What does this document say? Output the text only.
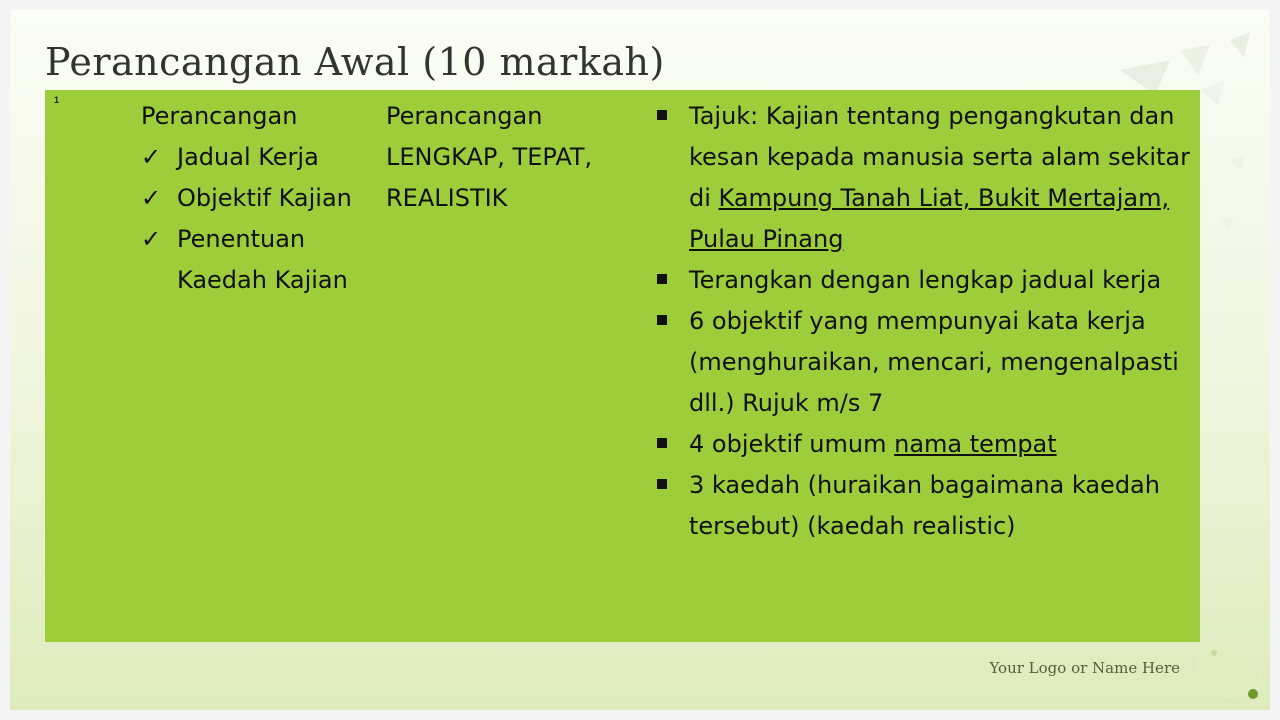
Perancangan Awal (10 markah)
1
Perancangan
✓ Jadual Kerja
✓ Objektif Kajian
✓ Penentuan Kaedah Kajian
Perancangan
LENGKAP, TEPAT,
REALISTIK
Tajuk: Kajian tentang pengangkutan dan kesan kepada manusia serta alam sekitar di Kampung Tanah Liat, Bukit Mertajam, Pulau Pinang
Terangkan dengan lengkap jadual kerja
6 objektif yang mempunyai kata kerja (menghuraikan, mencari, mengenalpasti dll.) Rujuk m/s 7
4 objektif umum nama tempat
3 kaedah (huraikan bagaimana kaedah tersebut) (kaedah realistic)
Your Logo or Name Here
